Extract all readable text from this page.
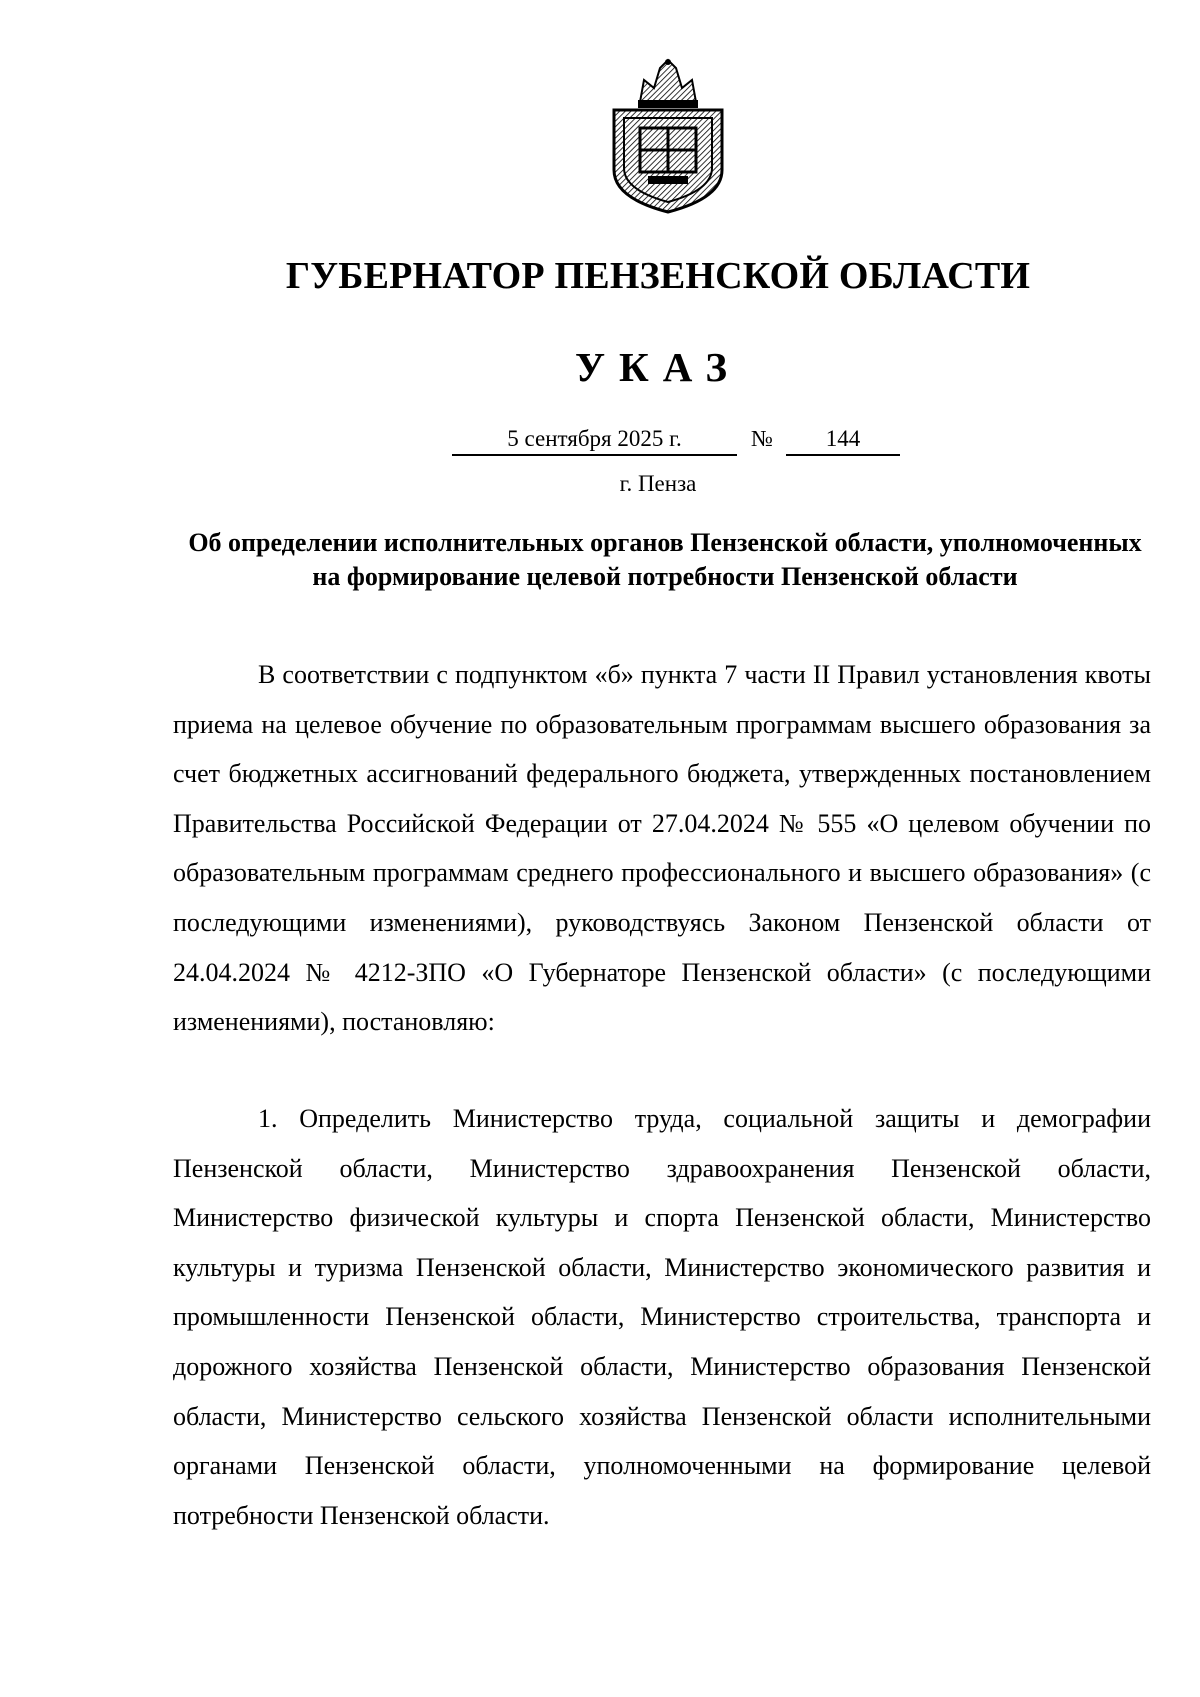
ГУБЕРНАТОР ПЕНЗЕНСКОЙ ОБЛАСТИ
УКАЗ
5 сентября 2025 г.	№	144
г. Пенза
Об определении исполнительных органов Пензенской области, уполномоченных на формирование целевой потребности Пензенской области

В соответствии с подпунктом «б» пункта 7 части II Правил установления квоты приема на целевое обучение по образовательным программам высшего образования за счет бюджетных ассигнований федерального бюджета, утвержденных постановлением Правительства Российской Федерации от 27.04.2024 № 555 «О целевом обучении по образовательным программам среднего профессионального и высшего образования» (с последующими изменениями), руководствуясь Законом Пензенской области от 24.04.2024 № 4212-ЗПО «О Губернаторе Пензенской области» (с последующими изменениями), постановляю:

1. Определить Министерство труда, социальной защиты и демографии Пензенской области, Министерство здравоохранения Пензенской области, Министерство физической культуры и спорта Пензенской области, Министерство культуры и туризма Пензенской области, Министерство экономического развития и промышленности Пензенской области, Министерство строительства, транспорта и дорожного хозяйства Пензенской области, Министерство образования Пензенской области, Министерство сельского хозяйства Пензенской области исполнительными органами Пензенской области, уполномоченными на формирование целевой потребности Пензенской области.
